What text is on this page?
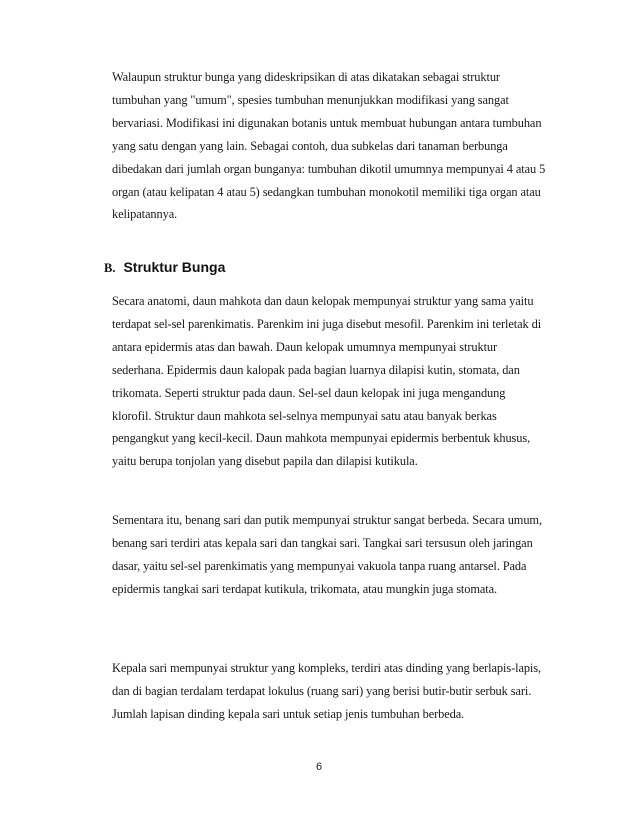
Walaupun struktur bunga yang dideskripsikan di atas dikatakan sebagai struktur
tumbuhan yang "umum", spesies tumbuhan menunjukkan modifikasi yang sangat
bervariasi. Modifikasi ini digunakan botanis untuk membuat hubungan antara tumbuhan
yang satu dengan yang lain. Sebagai contoh, dua subkelas dari tanaman berbunga
dibedakan dari jumlah organ bunganya: tumbuhan dikotil umumnya mempunyai 4 atau 5
organ (atau kelipatan 4 atau 5) sedangkan tumbuhan monokotil memiliki tiga organ atau
kelipatannya.
B. Struktur Bunga
Secara anatomi, daun mahkota dan daun kelopak mempunyai struktur yang sama yaitu
terdapat sel-sel parenkimatis. Parenkim ini juga disebut mesofil. Parenkim ini terletak di
antara epidermis atas dan bawah. Daun kelopak umumnya mempunyai struktur
sederhana. Epidermis daun kalopak pada bagian luarnya dilapisi kutin, stomata, dan
trikomata. Seperti struktur pada daun. Sel-sel daun kelopak ini juga mengandung
klorofil. Struktur daun mahkota sel-selnya mempunyai satu atau banyak berkas
pengangkut yang kecil-kecil. Daun mahkota mempunyai epidermis berbentuk khusus,
yaitu berupa tonjolan yang disebut papila dan dilapisi kutikula.
Sementara itu, benang sari dan putik mempunyai struktur sangat berbeda. Secara umum,
benang sari terdiri atas kepala sari dan tangkai sari. Tangkai sari tersusun oleh jaringan
dasar, yaitu sel-sel parenkimatis yang mempunyai vakuola tanpa ruang antarsel. Pada
epidermis tangkai sari terdapat kutikula, trikomata, atau mungkin juga stomata.
Kepala sari mempunyai struktur yang kompleks, terdiri atas dinding yang berlapis-lapis,
dan di bagian terdalam terdapat lokulus (ruang sari) yang berisi butir-butir serbuk sari.
Jumlah lapisan dinding kepala sari untuk setiap jenis tumbuhan berbeda.
6
